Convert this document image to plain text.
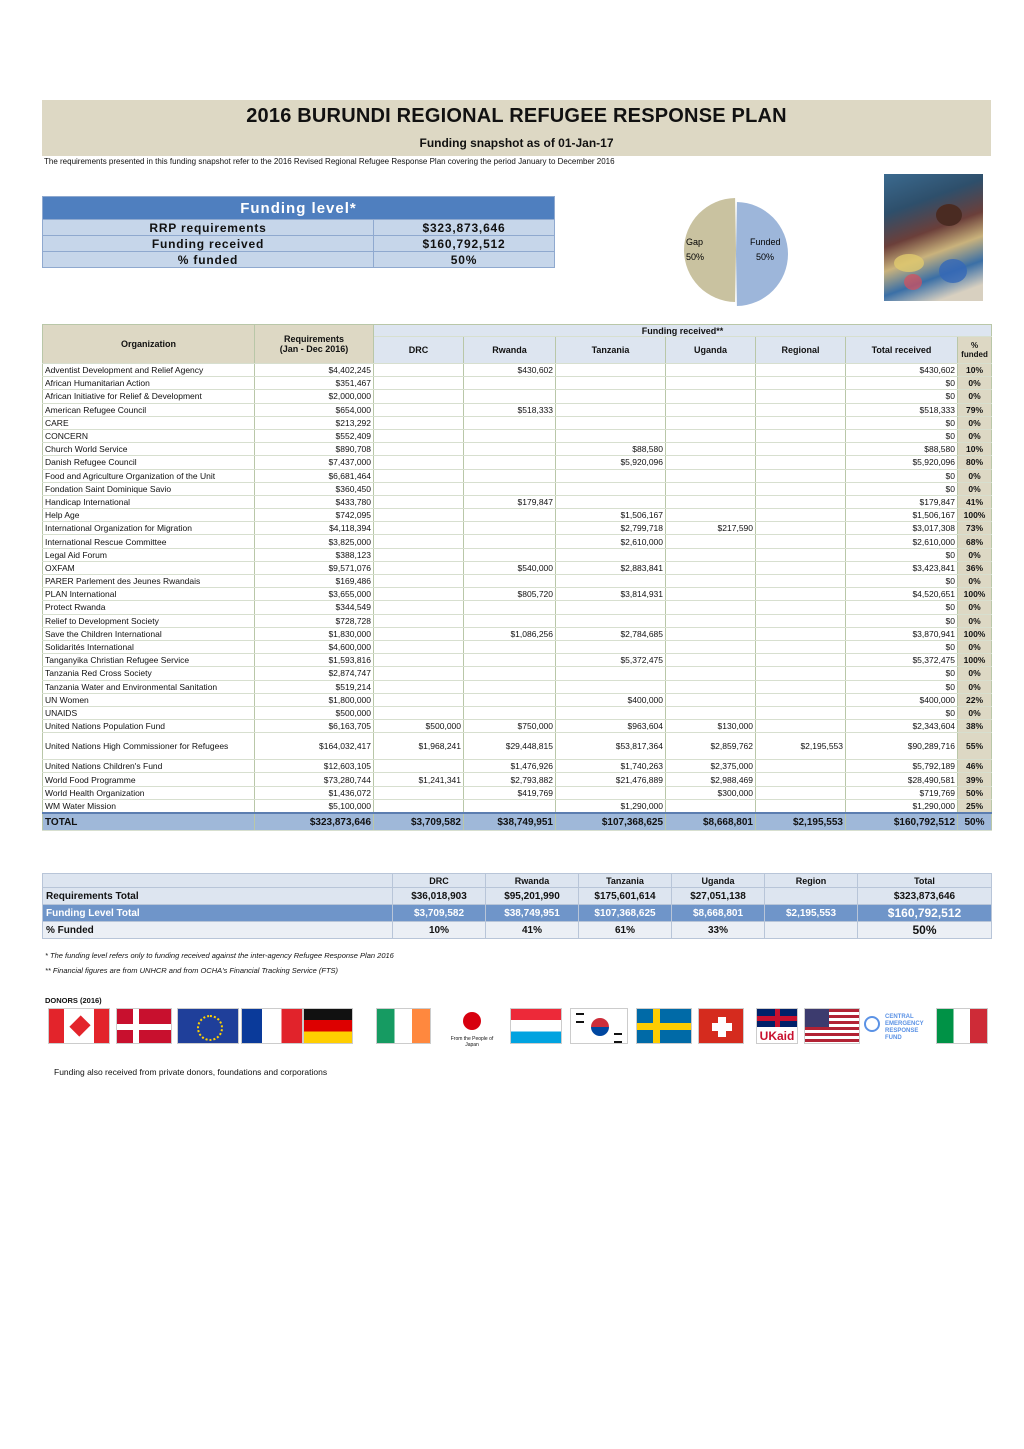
2016 BURUNDI REGIONAL REFUGEE RESPONSE PLAN
Funding snapshot as of 01-Jan-17
The requirements presented in this funding snapshot refer to the 2016 Revised Regional Refugee Response Plan covering the period January to December 2016
Funding level*	
RRP requirements	$323,873,646
Funding received	$160,792,512
% funded	50%
Gap
50%
Funded
50%
Organization	Requirements
(Jan - Dec 2016)	Funding received**						
		DRC	Rwanda	Tanzania	Uganda	Regional	Total received	% funded
Adventist Development and Relief Agency	$4,402,245		$430,602				$430,602	10%
African Humanitarian Action	$351,467						$0	0%
African Initiative for Relief & Development	$2,000,000						$0	0%
American Refugee Council	$654,000		$518,333				$518,333	79%
CARE	$213,292						$0	0%
CONCERN	$552,409						$0	0%
Church World Service	$890,708			$88,580			$88,580	10%
Danish Refugee Council	$7,437,000			$5,920,096			$5,920,096	80%
Food and Agriculture Organization of the Unit	$6,681,464						$0	0%
Fondation Saint Dominique Savio	$360,450						$0	0%
Handicap International	$433,780		$179,847				$179,847	41%
Help Age	$742,095			$1,506,167			$1,506,167	100%
International Organization for Migration	$4,118,394			$2,799,718	$217,590		$3,017,308	73%
International Rescue Committee	$3,825,000			$2,610,000			$2,610,000	68%
Legal Aid Forum	$388,123						$0	0%
OXFAM	$9,571,076		$540,000	$2,883,841			$3,423,841	36%
PARER Parlement des Jeunes Rwandais	$169,486						$0	0%
PLAN International	$3,655,000		$805,720	$3,814,931			$4,520,651	100%
Protect Rwanda	$344,549						$0	0%
Relief to Development Society	$728,728						$0	0%
Save the Children International	$1,830,000		$1,086,256	$2,784,685			$3,870,941	100%
Solidarités International	$4,600,000						$0	0%
Tanganyika Christian Refugee Service	$1,593,816			$5,372,475			$5,372,475	100%
Tanzania Red Cross Society	$2,874,747						$0	0%
Tanzania Water and Environmental Sanitation	$519,214						$0	0%
UN Women	$1,800,000			$400,000			$400,000	22%
UNAIDS	$500,000						$0	0%
United Nations Population Fund	$6,163,705	$500,000	$750,000	$963,604	$130,000		$2,343,604	38%
United Nations High Commissioner for Refugees	$164,032,417	$1,968,241	$29,448,815	$53,817,364	$2,859,762	$2,195,553	$90,289,716	55%
United Nations Children's Fund	$12,603,105		$1,476,926	$1,740,263	$2,375,000		$5,792,189	46%
World Food Programme	$73,280,744	$1,241,341	$2,793,882	$21,476,889	$2,988,469		$28,490,581	39%
World Health Organization	$1,436,072		$419,769		$300,000		$719,769	50%
WM Water Mission	$5,100,000			$1,290,000			$1,290,000	25%
TOTAL	$323,873,646	$3,709,582	$38,749,951	$107,368,625	$8,668,801	$2,195,553	$160,792,512	50%
	DRC	Rwanda	Tanzania	Uganda	Region	Total
Requirements Total	$36,018,903	$95,201,990	$175,601,614	$27,051,138		$323,873,646
Funding Level Total	$3,709,582	$38,749,951	$107,368,625	$8,668,801	$2,195,553	$160,792,512
% Funded	10%	41%	61%	33%		50%
* The funding level refers only to funding received against the inter-agency Refugee Response Plan 2016
** Financial figures are from UNHCR and from OCHA's Financial Tracking Service (FTS)
DONORS (2016)
From the People of Japan
UKaid
CENTRAL EMERGENCY RESPONSE FUND
Funding also received from private donors, foundations and corporations
